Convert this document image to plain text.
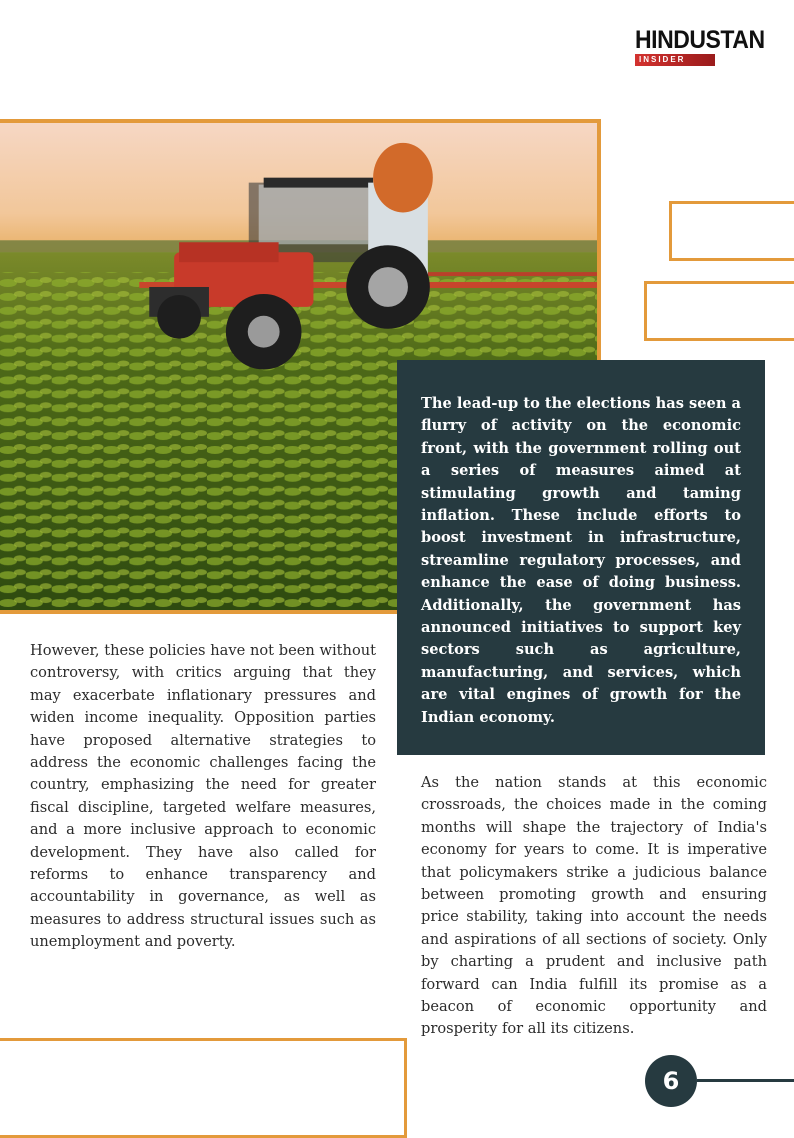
HINDUSTAN
INSIDER

The lead-up to the elections has seen a flurry of activity on the economic front, with the government rolling out a series of measures aimed at stimulating growth and taming inflation. These include efforts to boost investment in infrastructure, streamline regulatory processes, and enhance the ease of doing business. Additionally, the government has announced initiatives to support key sectors such as agriculture, manufacturing, and services, which are vital engines of growth for the Indian economy.

However, these policies have not been without controversy, with critics arguing that they may exacerbate inflationary pressures and widen income inequality. Opposition parties have proposed alternative strategies to address the economic challenges facing the country, emphasizing the need for greater fiscal discipline, targeted welfare measures, and a more inclusive approach to economic development. They have also called for reforms to enhance transparency and accountability in governance, as well as measures to address structural issues such as unemployment and poverty.

As the nation stands at this economic crossroads, the choices made in the coming months will shape the trajectory of India's economy for years to come. It is imperative that policymakers strike a judicious balance between promoting growth and ensuring price stability, taking into account the needs and aspirations of all sections of society. Only by charting a prudent and inclusive path forward can India fulfill its promise as a beacon of economic opportunity and prosperity for all its citizens.

6
